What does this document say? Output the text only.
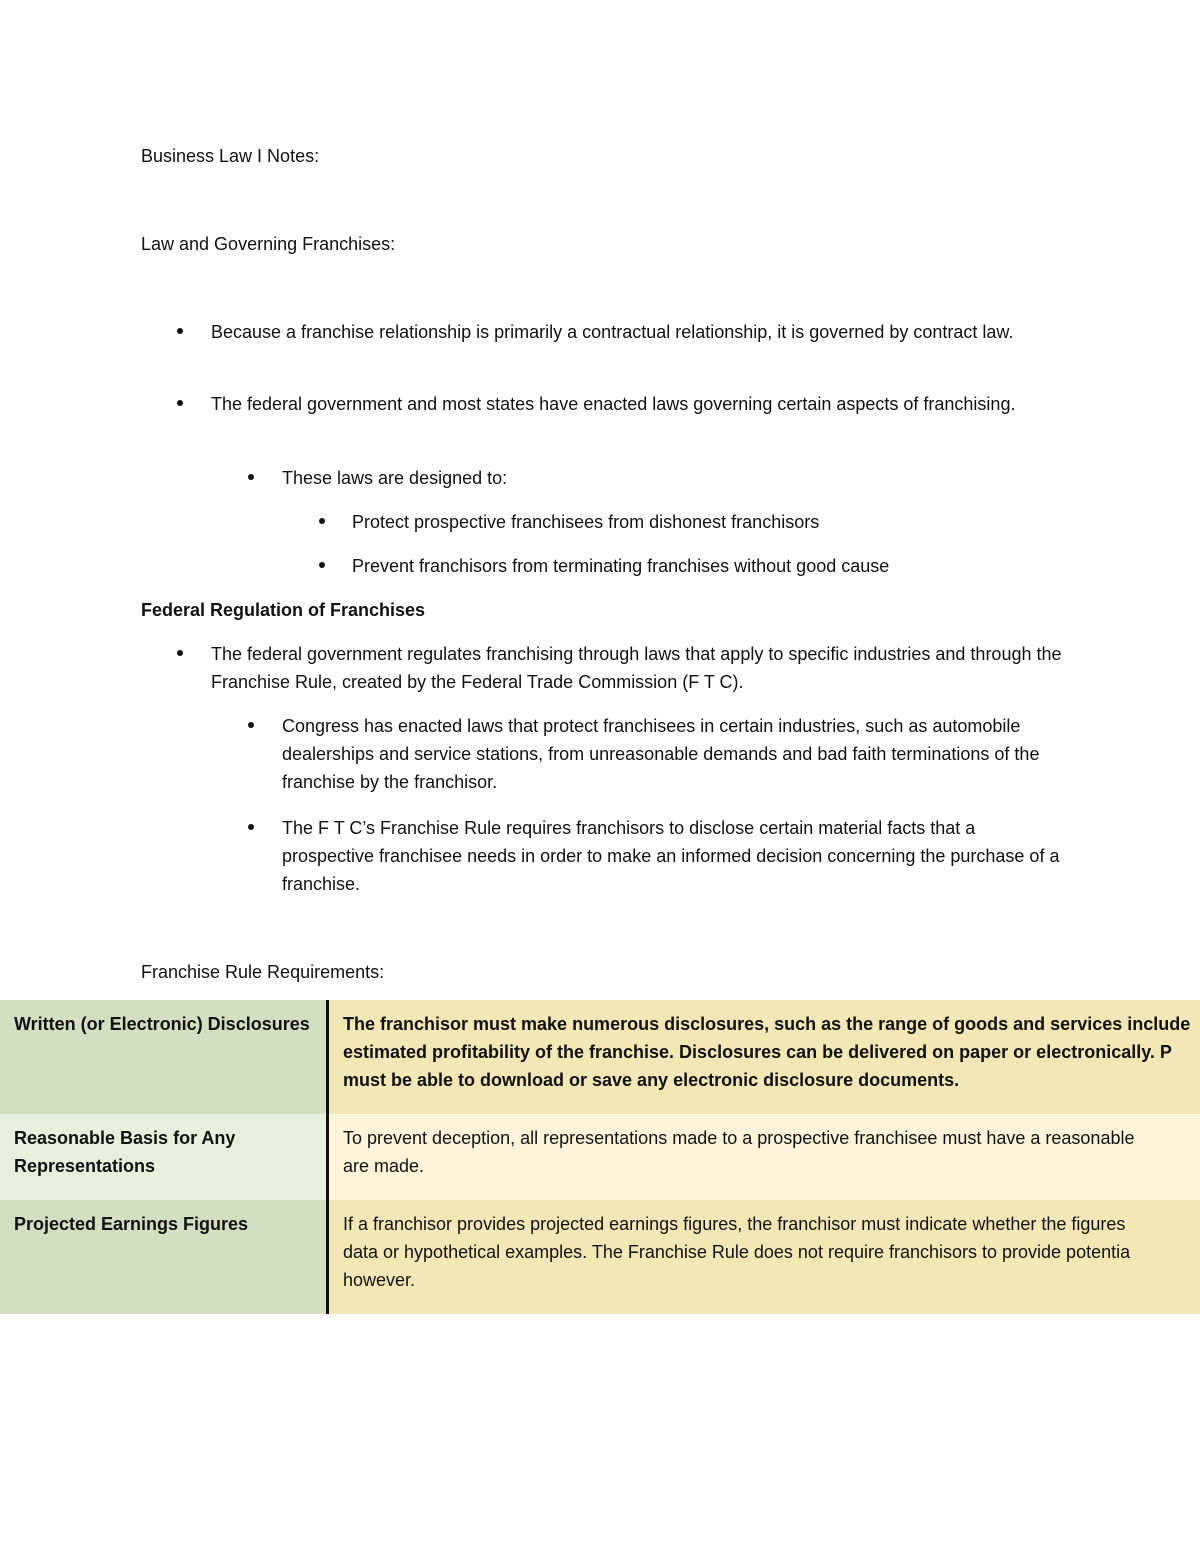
Business Law I Notes:
Law and Governing Franchises:
Because a franchise relationship is primarily a contractual relationship, it is governed by contract law.
The federal government and most states have enacted laws governing certain aspects of franchising.
These laws are designed to:
Protect prospective franchisees from dishonest franchisors
Prevent franchisors from terminating franchises without good cause
Federal Regulation of Franchises
The federal government regulates franchising through laws that apply to specific industries and through the Franchise Rule, created by the Federal Trade Commission (F T C).
Congress has enacted laws that protect franchisees in certain industries, such as automobile dealerships and service stations, from unreasonable demands and bad faith terminations of the franchise by the franchisor.
The F T C’s Franchise Rule requires franchisors to disclose certain material facts that a prospective franchisee needs in order to make an informed decision concerning the purchase of a franchise.
Franchise Rule Requirements:
Written (or Electronic) Disclosures	The franchisor must make numerous disclosures, such as the range of goods and services include
estimated profitability of the franchise. Disclosures can be delivered on paper or electronically. P
must be able to download or save any electronic disclosure documents.

Reasonable Basis for Any Representations	To prevent deception, all representations made to a prospective franchisee must have a reasonable
are made.

Projected Earnings Figures	If a franchisor provides projected earnings figures, the franchisor must indicate whether the figures
data or hypothetical examples. The Franchise Rule does not require franchisors to provide potentia
however.
